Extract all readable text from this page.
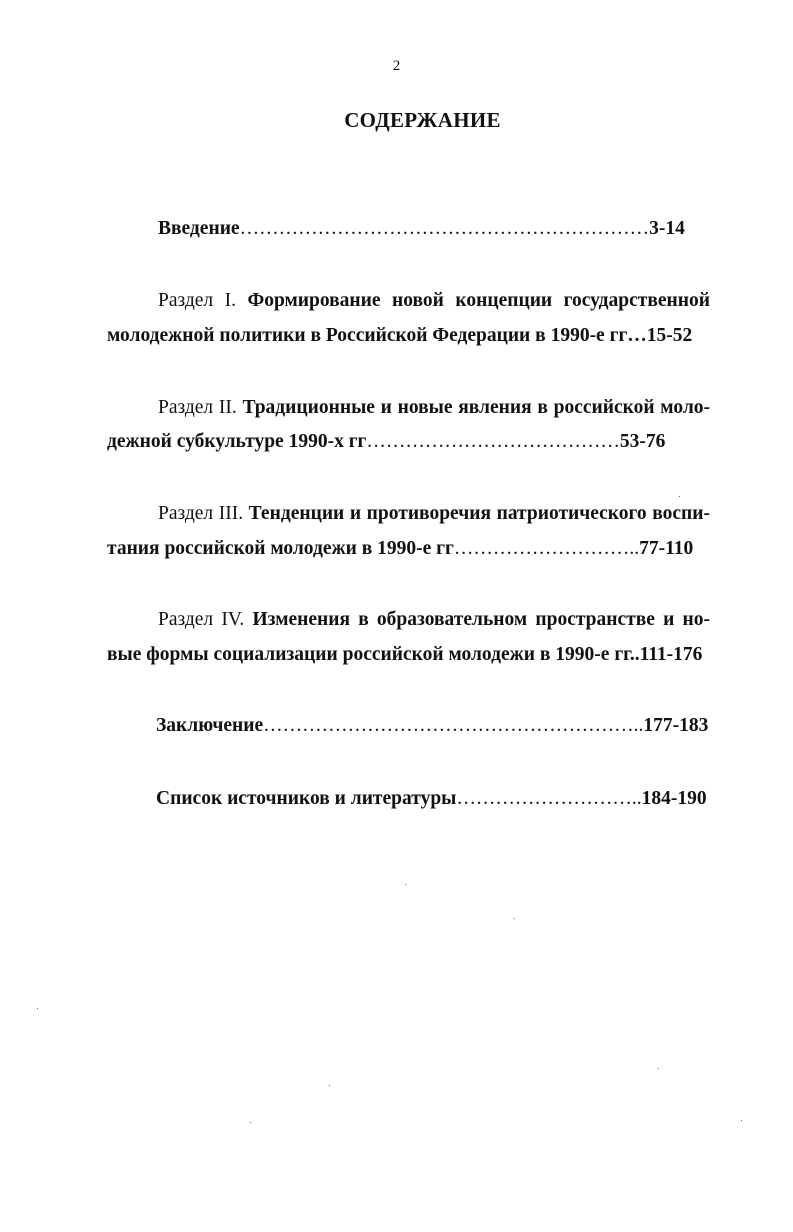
2
СОДЕРЖАНИЕ
Введение………………………………………………………3-14
Раздел I. Формирование новой концепции государственной
молодежной политики в Российской Федерации в 1990-е гг…15-52
Раздел II. Традиционные и новые явления в российской моло-
дежной субкультуре 1990-х гг…………………………………53-76
Раздел III. Тенденции и противоречия патриотического воспи-
тания российской молодежи в 1990-е гг………………………..77-110
Раздел IV. Изменения в образовательном пространстве и но-
вые формы социализации российской молодежи в 1990-е гг..111-176
Заключение…………………………………………………..177-183
Список источников и литературы………………………..184-190
